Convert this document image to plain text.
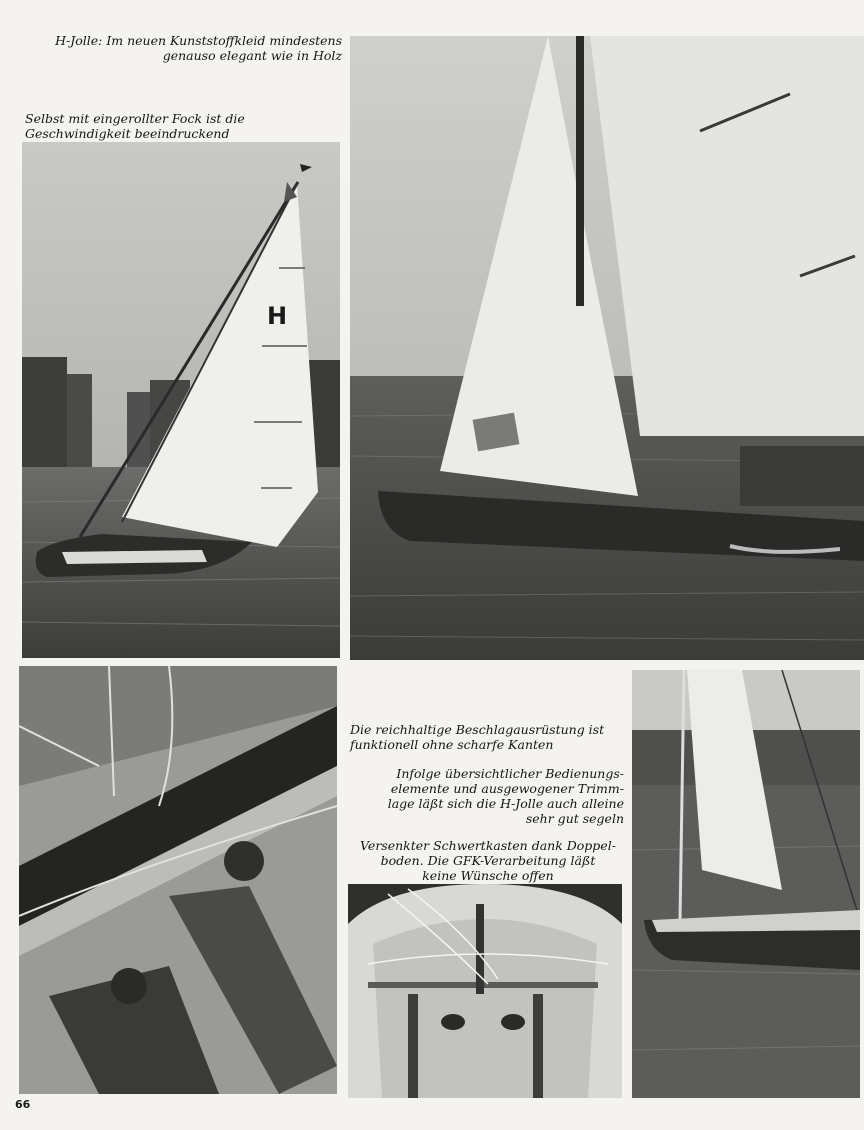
H-Jolle: Im neuen Kunststoffkleid mindestens
genauso elegant wie in Holz

Selbst mit eingerollter Fock ist die
Geschwindigkeit beeindruckend

H

Die reichhaltige Beschlagausrüstung ist
funktionell ohne scharfe Kanten

Infolge übersichtlicher Bedienungs-
elemente und ausgewogener Trimm-
lage läßt sich die H-Jolle auch alleine
sehr gut segeln

Versenkter Schwertkasten dank Doppel-
boden. Die GFK-Verarbeitung läßt
keine Wünsche offen

66
